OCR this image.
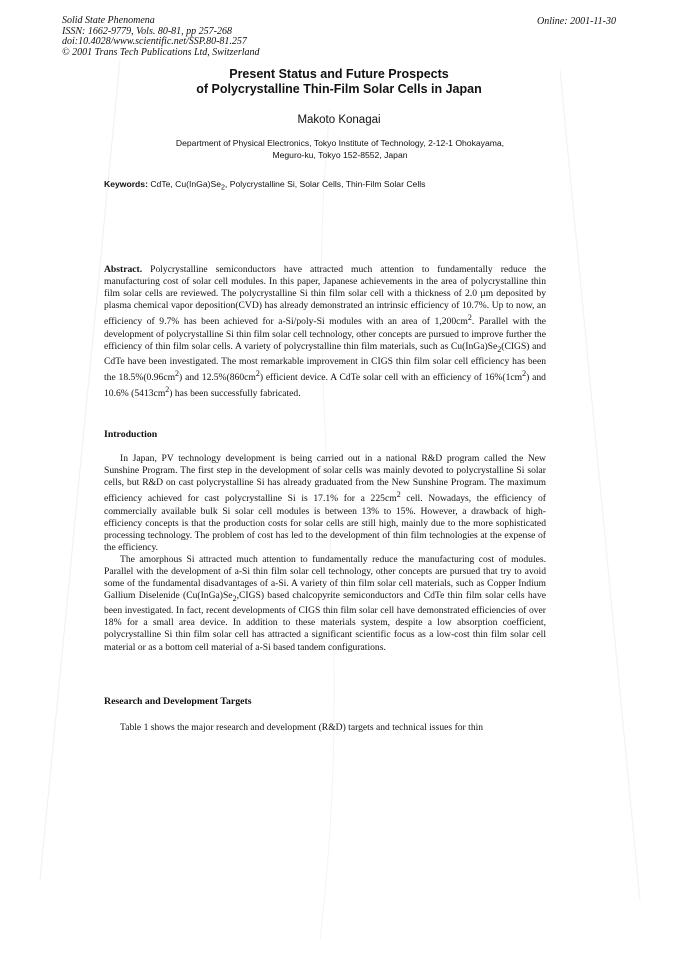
Solid State Phenomena
ISSN: 1662-9779, Vols. 80-81, pp 257-268
doi:10.4028/www.scientific.net/SSP.80-81.257
© 2001 Trans Tech Publications Ltd, Switzerland
Online: 2001-11-30
Present Status and Future Prospects
of Polycrystalline Thin-Film Solar Cells in Japan
Makoto Konagai
Department of Physical Electronics, Tokyo Institute of Technology, 2-12-1 Ohokayama,
Meguro-ku, Tokyo 152-8552, Japan
Keywords: CdTe, $Cu(InGa)Se_2$, Polycrystalline Si, Solar Cells, Thin-Film Solar Cells

Abstract. Polycrystalline semiconductors have attracted much attention to fundamentally reduce the manufacturing cost of solar cell modules. In this paper, Japanese achievements in the area of polycrystalline thin film solar cells are reviewed. The polycrystalline Si thin film solar cell with a thickness of 2.0 µm deposited by plasma chemical vapor deposition(CVD) has already demonstrated an intrinsic efficiency of 10.7%. Up to now, an efficiency of 9.7% has been achieved for a-Si/poly-Si modules with an area of $1,200cm^2$. Parallel with the development of polycrystalline Si thin film solar cell technology, other concepts are pursued to improve further the efficiency of thin film solar cells. A variety of polycrystalline thin film materials, such as $Cu(InGa)Se_2(CIGS)$ and CdTe have been investigated. The most remarkable improvement in CIGS thin film solar cell efficiency has been the $18.5\%(0.96cm^2)$ and $12.5\%(860cm^2)$ efficient device. A CdTe solar cell with an efficiency of $16\%(1cm^2)$ and 10.6% $(5413cm^2)$ has been successfully fabricated.

Introduction

In Japan, PV technology development is being carried out in a national R&D program called the New Sunshine Program. The first step in the development of solar cells was mainly devoted to polycrystalline Si solar cells, but R&D on cast polycrystalline Si has already graduated from the New Sunshine Program. The maximum efficiency achieved for cast polycrystalline Si is 17.1% for a $225cm^2$ cell. Nowadays, the efficiency of commercially available bulk Si solar cell modules is between 13% to 15%. However, a drawback of high-efficiency concepts is that the production costs for solar cells are still high, mainly due to the more sophisticated processing technology. The problem of cost has led to the development of thin film technologies at the expense of the efficiency.

The amorphous Si attracted much attention to fundamentally reduce the manufacturing cost of modules. Parallel with the development of a-Si thin film solar cell technology, other concepts are pursued that try to avoid some of the fundamental disadvantages of a-Si. A variety of thin film solar cell materials, such as Copper Indium Gallium Diselenide $(Cu(InGa)Se_2,CIGS)$ based chalcopyrite semiconductors and CdTe thin film solar cells have been investigated. In fact, recent developments of CIGS thin film solar cell have demonstrated efficiencies of over 18% for a small area device. In addition to these materials system, despite a low absorption coefficient, polycrystalline Si thin film solar cell has attracted a significant scientific focus as a low-cost thin film solar cell material or as a bottom cell material of a-Si based tandem configurations.

Research and Development Targets

Table 1 shows the major research and development (R&D) targets and technical issues for thin
